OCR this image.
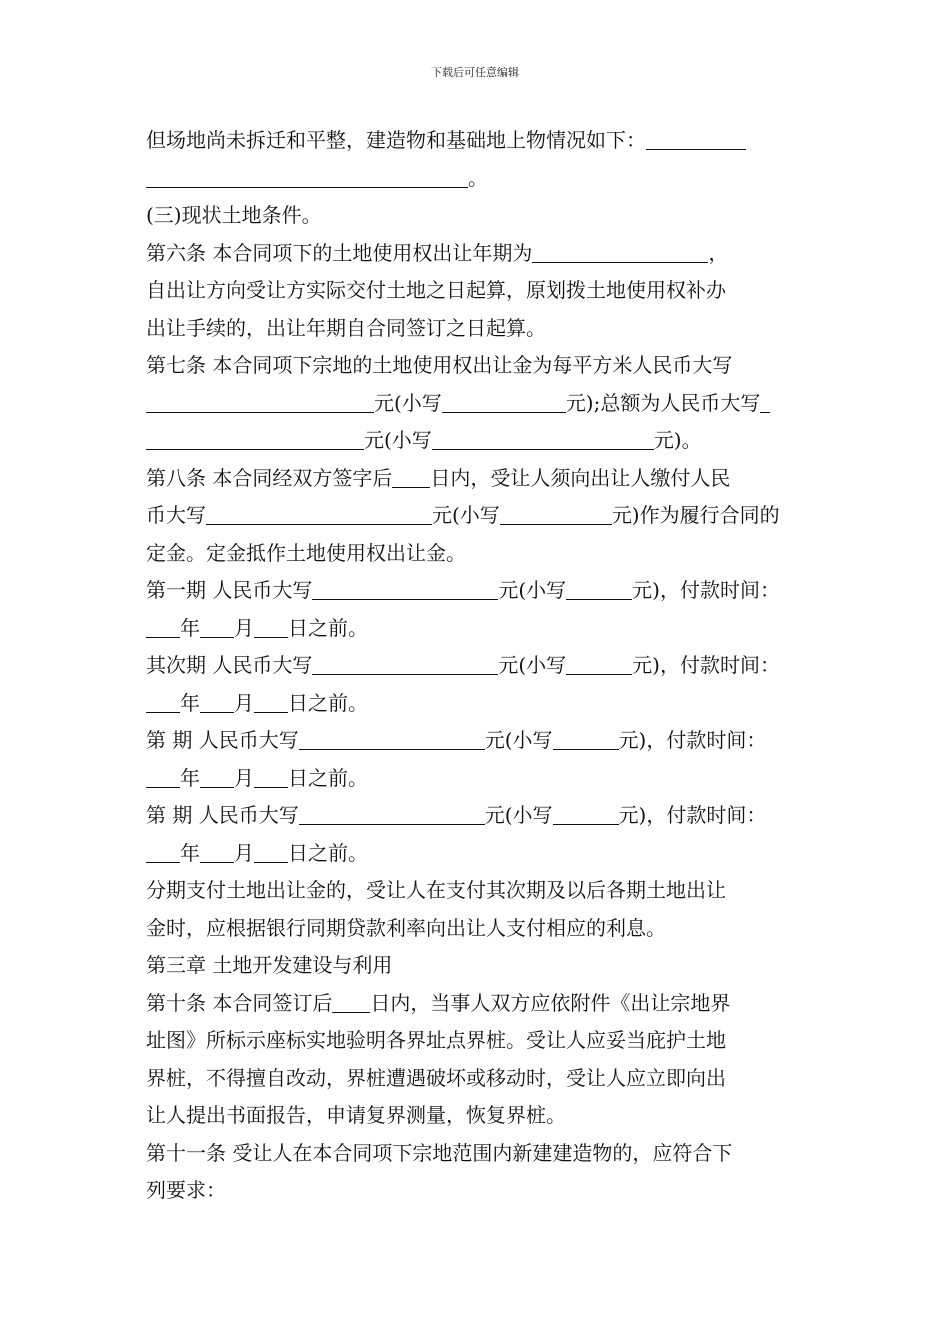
下载后可任意编辑
但场地尚未拆迁和平整，建造物和基础地上物情况如下：
。
(三)现状土地条件。
第六条 本合同项下的土地使用权出让年期为	，
自出让方向受让方实际交付土地之日起算，原划拨土地使用权补办
出让手续的，出让年期自合同签订之日起算。
第七条 本合同项下宗地的土地使用权出让金为每平方米人民币大写
元(小写	元);总额为人民币大写
元(小写	元)。
第八条 本合同经双方签字后 日内，受让人须向出让人缴付人民
币大写	元(小写	元)作为履行合同的
定金。定金抵作土地使用权出让金。
第一期 人民币大写	元(小写	元)，付款时间：
年 月 日之前。
其次期 人民币大写	元(小写	元)，付款时间：
年 月 日之前。
第 期 人民币大写	元(小写	元)，付款时间：
年 月 日之前。
第 期 人民币大写	元(小写	元)，付款时间：
年 月 日之前。
分期支付土地出让金的，受让人在支付其次期及以后各期土地出让
金时，应根据银行同期贷款利率向出让人支付相应的利息。
第三章 土地开发建设与利用
第十条 本合同签订后 日内，当事人双方应依附件《出让宗地界
址图》所标示座标实地验明各界址点界桩。受让人应妥当庇护土地
界桩，不得擅自改动，界桩遭遇破坏或移动时，受让人应立即向出
让人提出书面报告，申请复界测量，恢复界桩。
第十一条 受让人在本合同项下宗地范围内新建建造物的，应符合下
列要求：
